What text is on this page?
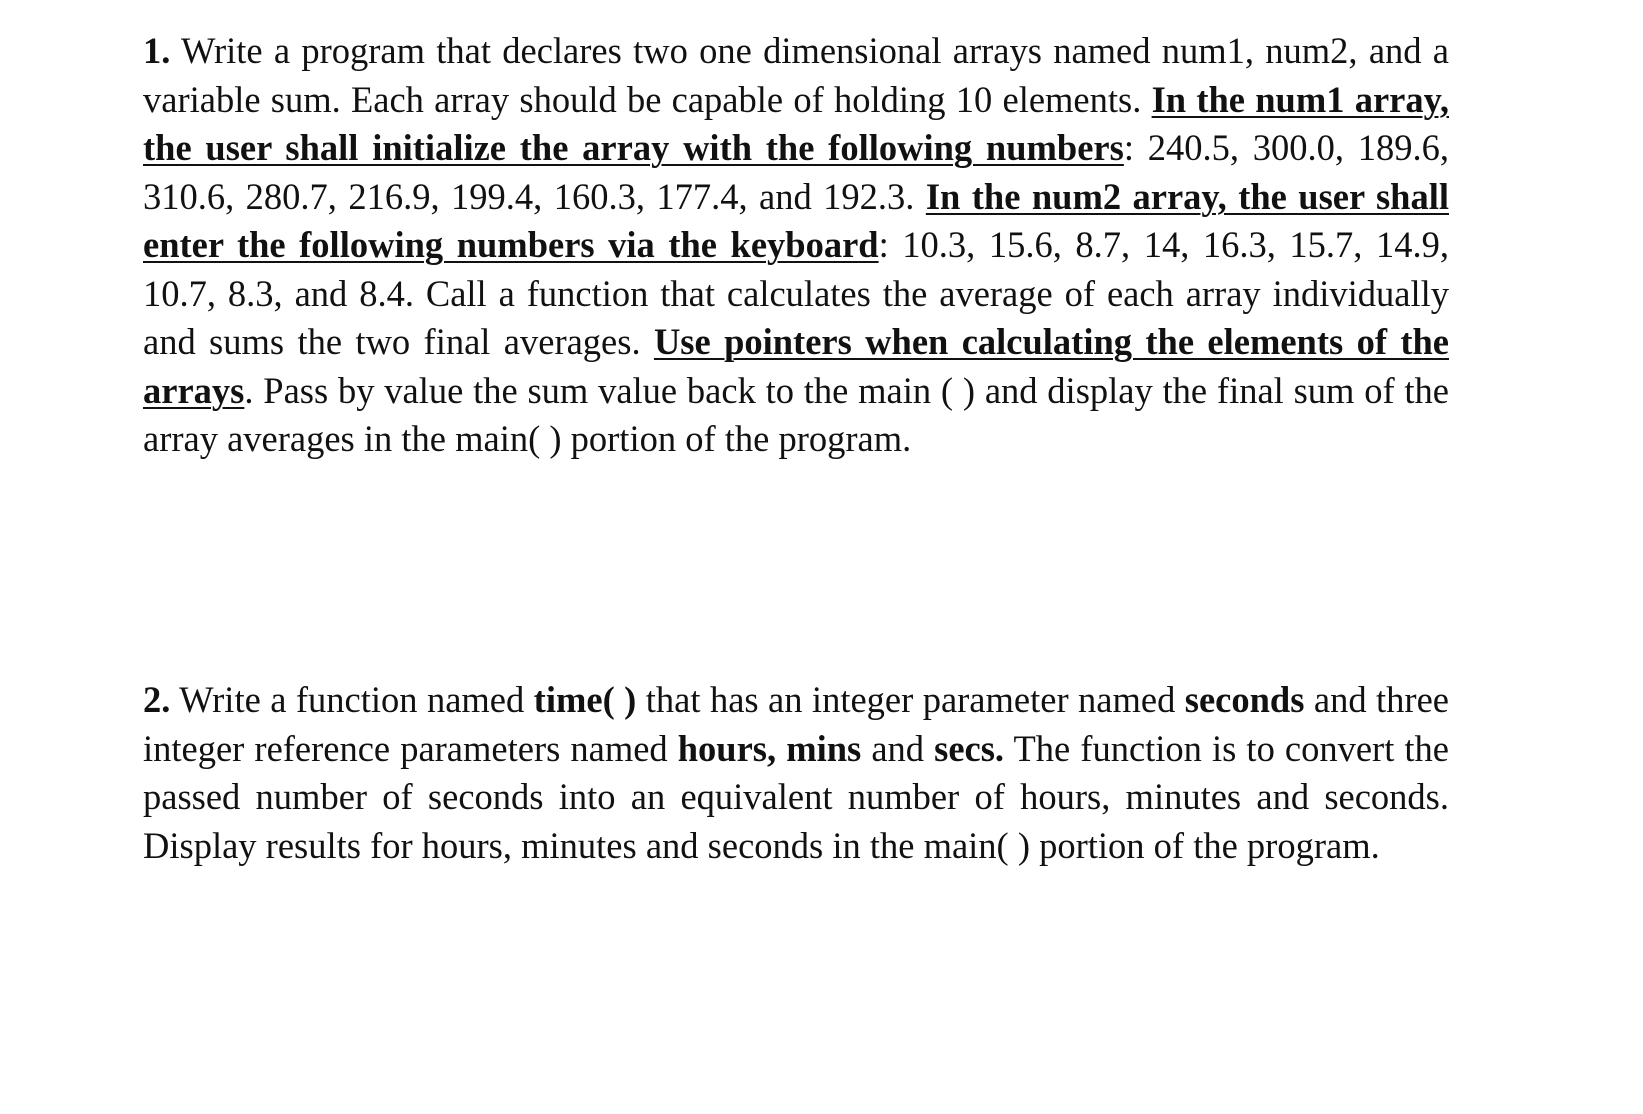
1. Write a program that declares two one dimensional arrays named num1, num2, and a variable sum. Each array should be capable of holding 10 elements. In the num1 array, the user shall initialize the array with the following numbers: 240.5, 300.0, 189.6, 310.6, 280.7, 216.9, 199.4, 160.3, 177.4, and 192.3. In the num2 array, the user shall enter the following numbers via the keyboard: 10.3, 15.6, 8.7, 14, 16.3, 15.7, 14.9, 10.7, 8.3, and 8.4. Call a function that calculates the average of each array individually and sums the two final averages. Use pointers when calculating the elements of the arrays. Pass by value the sum value back to the main ( ) and display the final sum of the array averages in the main( ) portion of the program.

2. Write a function named time( ) that has an integer parameter named seconds and three integer reference parameters named hours, mins and secs. The function is to convert the passed number of seconds into an equivalent number of hours, minutes and seconds. Display results for hours, minutes and seconds in the main( ) portion of the program.
